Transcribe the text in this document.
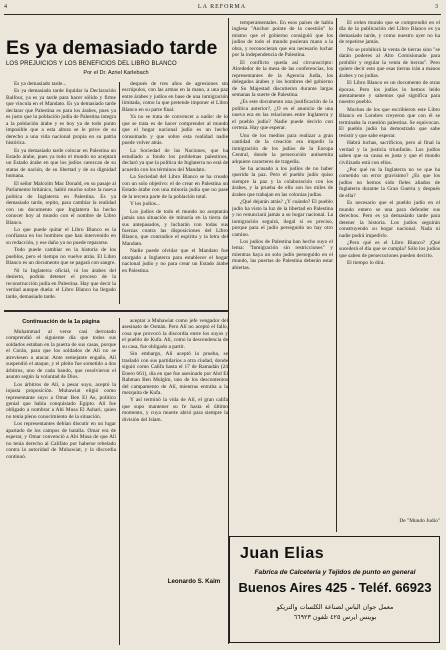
4	LA REFORMA	3
Es ya demasiado tarde
LOS PREJUICIOS Y LOS BENEFICIOS DEL LIBRO BLANCO
Por el Dr. Azriel Karlebach

Es ya demasiado tarde...

Es ya demasiado tarde liquidar la Declaración Balfour, ya es ya tarde para hacer sólido y firme que vincula en el Mandato. Es ya demasiado tarde declarar que Palestina es para los árabes, pues ya es justo que la población judía de Palestina integra a la población árabe y es hoy ya de todo punto imposible que a esta altura se le prive de su derecho a una vida nacional propia en su patria histórica.

Es ya demasiado tarde colocar en Palestina un Estado árabe, pues ya todo el mundo no aceptará un Estado árabe en que los judíos carezcan de su status de nación, de su libertad y de su dignidad humana.

El señor Malcolm Mac Donald, en su pasaje al Parlamento británico, habló mucho sobre la nueva política de Inglaterra en Palestina. Es ya demasiado tarde, repito, para cambiar la realidad con un documento que Inglaterra ha hecho conocer hoy al mundo con el nombre de Libro Blanco.

Lo que puede quitar el Libro Blanco es la confianza en los hombres que han intervenido en su redacción, y ese daño ya no puede repararse.

Todo puede cambiar en la historia de los pueblos, pero el tiempo no vuelve atrás. El Libro Blanco es un documento que se pagará con sangre.

Ni la Inglaterra oficial, ni los árabes del desierto, podrán detener el proceso de la reconstrucción judía en Palestina. Hay que decir la verdad aunque duela: el Libro Blanco ha llegado tarde, demasiado tarde.

después de tres años de agresiones sin escrúpulos, con las armas en la mano, a una paz entre árabes y judíos en base de una inmigración limitada, como la que pretende imponer el Libro Blanco en su parte final.

Ya no se trata de convencer a nadie: de lo que se trata es de hacer comprender al mundo que el hogar nacional judío es un hecho consumado y que sobre esta realidad nadie puede volver atrás.

La Sociedad de las Naciones, que ha estudiado a fondo los problemas palestinos, declaró ya que la política de Inglaterra no está de acuerdo con los términos del Mandato.

La Sociedad del Libro Blanco se ha creado con un solo objetivo: el de crear en Palestina un Estado árabe con una minoría judía que no pase de la tercera parte de la población total.

Y los judíos...

Los judíos de todo el mundo no aceptarán jamás una situación de minoría en la tierra de sus antepasados, y lucharán con todas sus fuerzas contra las disposiciones del Libro Blanco, que contradice el espíritu y la letra del Mandato.

Nadie puede olvidar que el Mandato fue otorgado a Inglaterra para establecer el hogar nacional judío y no para crear un Estado árabe en Palestina.

Continuación de la 1a página

Muhammad al verse casi derrotado comprendió el siguiente día que todos sus soldados estaban en la puerta de sus casas, porque el Corán, para que los soldados de Alí no se atreviesen a atacar. Ante semejante engaño, Alí suspendió el ataque, y el pleito fue sometido a dos árbitros, uno de cada bando, que resolvieron el asunto según la voluntad de Dios.

Los árbitros de Alí, a pesar suyo, aceptó la injusta proposición. Muhawiat eligió como representante suyo a Omar Ben El As, político genial que había conquistado Egipto. Alí fue obligado a nombrar a Abi Musa El Ashari, quien no tenía pleno conocimiento de la situación.

Los representantes debían discutir en un lugar apartado de los campos de batalla. Omar era de esperar, y Omar convenció a Abi Musa de que Alí no tenía derecho al Califato por haberse rebelado contra la autoridad de Muhawiat, y la discordia continuó.

aceptar a Muhawiat como jefe vengador del asesinato de Osmán. Pero Alí no aceptó el fallo, cosa que provocó la discordia entre los suyos y el pueblo de Kufa. Alí, como la descendencia de su casa, fue obligado a partir.

Sin embargo, Alí aceptó la prueba, se trasladó con sus partidarios a otra ciudad, donde siguió como Califa hasta el 17 de Ramadán (24 Enero 661), día en que fue asesinado por Abd El Rahman Ben Mulgim, uno de los descontentos del campamento de Alí, mientras entraba a la mezquita de Kufa.

Y así terminó la vida de Alí, el gran califa que supo mantener su fe hasta el último momento, y cuya muerte abrió para siempre la división del Islam.

Leonardo S. Kaim

temperamentales. En esos países de habla inglesa "Anchor pointe de la cuestión" lo mismo que el gobierno consiguió que los judíos de todo el mundo pusieran mano a la obra, y reconocieran que era necesario luchar por la independencia de Palestina.

El conflicto queda así circunscripto: Alrededor de la mesa de las conferencias, los representantes de la Agencia Judía, los delegados árabes y los hombres del gobierno de Su Majestad discutieron durante largas semanas la suerte de Palestina.

¿Es este documento una justificación de la política anterior?, ¿O es el anuncio de una nueva era en las relaciones entre Inglaterra y el pueblo judío? Nadie puede decirlo con certeza. Hay que esperar.

Uno de los medios para realizar a gran cantidad de la creación era impedir la inmigración de los judíos de la Europa Central, donde la persecución antisemita adquiere caracteres de tragedia.

Se ha acusado a los judíos de no haber querido la paz. Pero el pueblo judío quiso siempre la paz y la colaboración con los árabes, y la prueba de ello son los miles de árabes que trabajan en las colonias judías.

¿Qué dejarán atrás? ¿Y cuándo? El pueblo judío ha visto la luz de la libertad en Palestina y no renunciará jamás a su hogar nacional. La inmigración seguirá, ilegal si es preciso, porque para el judío perseguido no hay otro camino.

Los judíos de Palestina han hecho suyo el lema: "Inmigración sin restricciones" y mientras haya un solo judío perseguido en el mundo, las puertas de Palestina deberán estar abiertas.

El orden mundo que se comprendió en el día de la publicación del Libro Blanco es ya demasiado tarde, y como nuestro ayer no ha de repetirse jamás.

No se prohibirá la venta de tierras sino "se darán poderes al Alto Comisionado para prohibir y regular la venta de tierras". Pero quiere decir esto que esas tierras irán a manos árabes y no judías.

El Libro Blanco es un documento de otras épocas. Pero los judíos lo hemos leído atentamente y sabemos qué significa para nuestro pueblo.

Muchos de los que escribieron este Libro Blanco en Londres creyeron que con él se terminaba la cuestión palestina. Se equivocan. El pueblo judío ha demostrado que sabe resistir y que sabe esperar.

Habrá luchas, sacrificios, pero al final la verdad y la justicia triunfarán. Los judíos saben que su causa es justa y que el mundo civilizado está con ellos.

¿Por qué no la Inglaterra no ve que ha cometido un error gravísimo? ¿Es que los judíos no hemos sido fieles aliados de Inglaterra durante la Gran Guerra y después de ella?

Es necesario que el pueblo judío en el mundo entero se una para defender sus derechos. Pero es ya demasiado tarde para detener la historia. Los judíos seguirán construyendo su hogar nacional. Nada ni nadie podrá impedirlo.

¿Pero qué es el Libro Blanco? ¡Qué sucederá el día que se cumpla? Sólo los judíos que saben de persecuciones pueden decirlo.

El tiempo lo dirá.

De "Mundo Judío"
Juan Elias
Fabrica de Calcetería y Tejidos de punto en general
Buenos Aires 425 - Teléf. 66923
معمل جوان الياس لصناعة الكلسات والتريكو
بوينس ايرس ٤٢٥ تلفون ٦٦٩٢٣
